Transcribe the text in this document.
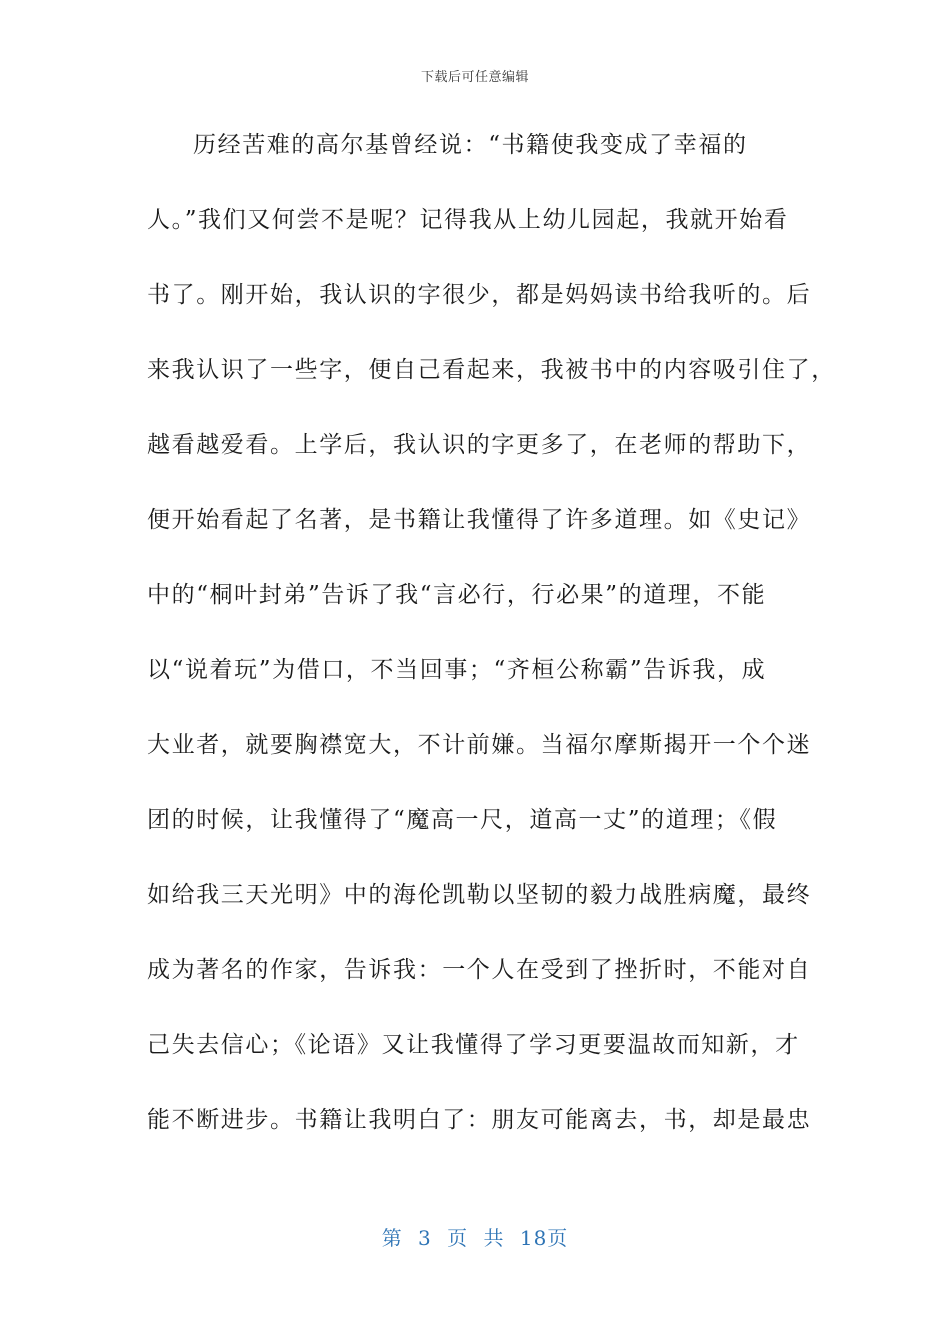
下载后可任意编辑
历经苦难的高尔基曾经说：“书籍使我变成了幸福的
人。”我们又何尝不是呢？记得我从上幼儿园起，我就开始看
书了。刚开始，我认识的字很少，都是妈妈读书给我听的。后
来我认识了一些字，便自己看起来，我被书中的内容吸引住了，
越看越爱看。上学后，我认识的字更多了，在老师的帮助下，
便开始看起了名著，是书籍让我懂得了许多道理。如《史记》
中的“桐叶封弟”告诉了我“言必行，行必果”的道理，不能
以“说着玩”为借口，不当回事；“齐桓公称霸”告诉我，成
大业者，就要胸襟宽大，不计前嫌。当福尔摩斯揭开一个个迷
团的时候，让我懂得了“魔高一尺，道高一丈”的道理；《假
如给我三天光明》中的海伦凯勒以坚韧的毅力战胜病魔，最终
成为著名的作家，告诉我：一个人在受到了挫折时，不能对自
己失去信心；《论语》又让我懂得了学习更要温故而知新，才
能不断进步。书籍让我明白了：朋友可能离去，书，却是最忠
第 3 页 共 18页
